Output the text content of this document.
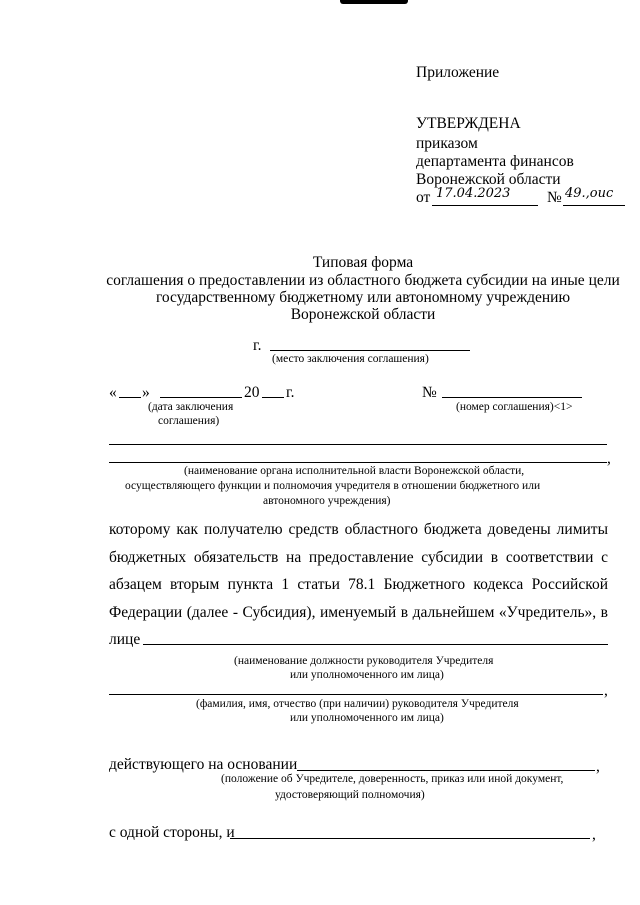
Приложение
УТВЕРЖДЕНА
приказом
департамента финансов
Воронежской области
от 17.04.2023 № 49.,оиc
Типовая форма
соглашения о предоставлении из областного бюджета субсидии на иные цели
государственному бюджетному или автономному учреждению
Воронежской области
г.
(место заключения соглашения)
« »	20 г.
(дата заключения
соглашения)
№
(номер соглашения)<1>
,
(наименование органа исполнительной власти Воронежской области,
осуществляющего функции и полномочия учредителя в отношении бюджетного или
автономного учреждения)
которому как получателю средств областного бюджета доведены лимиты
бюджетных обязательств на предоставление субсидии в соответствии с
абзацем вторым пункта 1 статьи 78.1 Бюджетного кодекса Российской
Федерации (далее - Субсидия), именуемый в дальнейшем «Учредитель», в
лице
(наименование должности руководителя Учредителя
или уполномоченного им лица)
,
(фамилия, имя, отчество (при наличии) руководителя Учредителя
или уполномоченного им лица)
действующего на основании	,
(положение об Учредителе, доверенность, приказ или иной документ,
удостоверяющий полномочия)
с одной стороны, и	,
